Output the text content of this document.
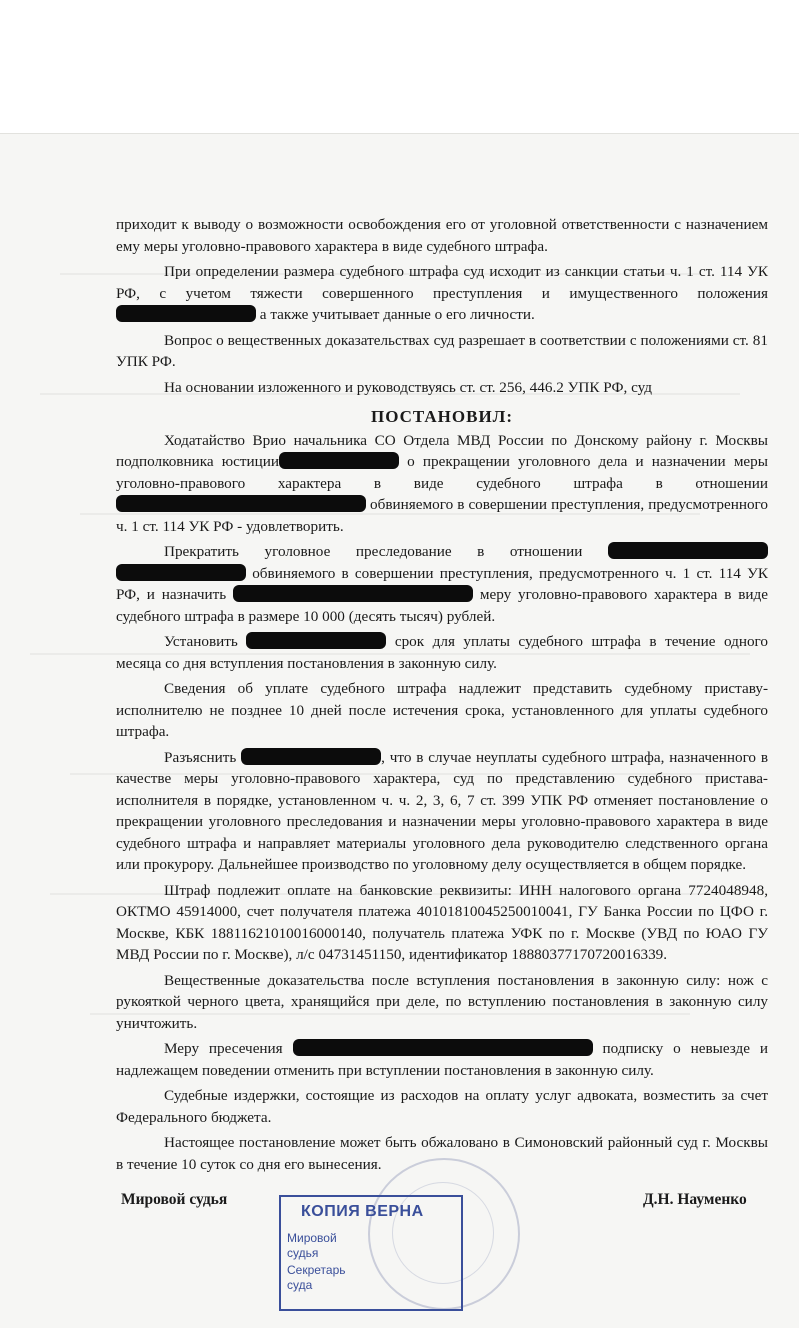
приходит к выводу о возможности освобождения его от уголовной ответственности с назначением ему меры уголовно-правового характера в виде судебного штрафа.

При определении размера судебного штрафа суд исходит из санкции статьи ч. 1 ст. 114 УК РФ, с учетом тяжести совершенного преступления и имущественного положения  а также учитывает данные о его личности.

Вопрос о вещественных доказательствах суд разрешает в соответствии с положениями ст. 81 УПК РФ.

На основании изложенного и руководствуясь ст. ст. 256, 446.2 УПК РФ, суд

ПОСТАНОВИЛ:

Ходатайство Врио начальника СО Отдела МВД России по Донскому району г. Москвы подполковника юстиции	о прекращении уголовного дела и назначении меры уголовно-правового характера в виде судебного штрафа в отношении  обвиняемого в совершении преступления, предусмотренного ч. 1 ст. 114 УК РФ - удовлетворить.

Прекратить уголовное преследование в отношении   обвиняемого в совершении преступления, предусмотренного ч. 1 ст. 114 УК РФ, и назначить	меру уголовно-правового характера в виде судебного штрафа в размере 10 000 (десять тысяч) рублей.

Установить	срок для уплаты судебного штрафа в течение одного месяца со дня вступления постановления в законную силу.

Сведения об уплате судебного штрафа надлежит представить судебному приставу-исполнителю не позднее 10 дней после истечения срока, установленного для уплаты судебного штрафа.

Разъяснить	, что в случае неуплаты судебного штрафа, назначенного в качестве меры уголовно-правового характера, суд по представлению судебного пристава-исполнителя в порядке, установленном ч. ч. 2, 3, 6, 7 ст. 399 УПК РФ отменяет постановление о прекращении уголовного преследования и назначении меры уголовно-правового характера в виде судебного штрафа и направляет материалы уголовного дела руководителю следственного органа или прокурору. Дальнейшее производство по уголовному делу осуществляется в общем порядке.

Штраф подлежит оплате на банковские реквизиты: ИНН налогового органа 7724048948, ОКТМО 45914000, счет получателя платежа 40101810045250010041, ГУ Банка России по ЦФО г. Москве, КБК 18811621010016000140, получатель платежа УФК по г. Москве (УВД по ЮАО ГУ МВД России по г. Москве), л/с 04731451150, идентификатор 18880377170720016339.

Вещественные доказательства после вступления постановления в законную силу: нож с рукояткой черного цвета, хранящийся при деле, по вступлению постановления в законную силу уничтожить.

Меру пресечения	подписку о невыезде и надлежащем поведении отменить при вступлении постановления в законную силу.

Судебные издержки, состоящие из расходов на оплату услуг адвоката, возместить за счет Федерального бюджета.

Настоящее постановление может быть обжаловано в Симоновский районный суд г. Москвы в течение 10 суток со дня его вынесения.

Мировой судья	Д.Н. Науменко
КОПИЯ ВЕРНА
Мировой
судья
Секретарь
суда
